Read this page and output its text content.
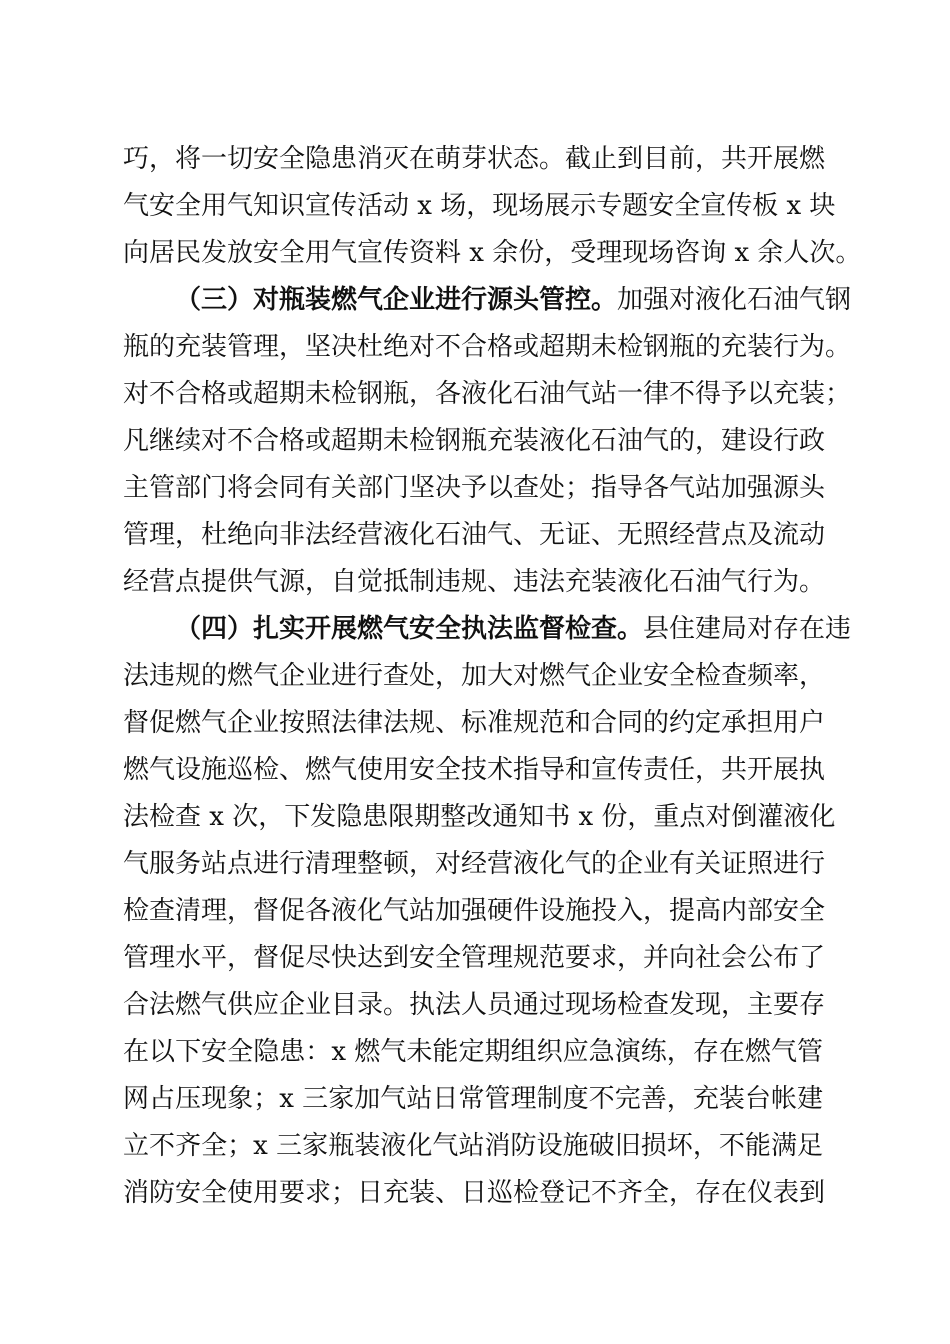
巧，将一切安全隐患消灭在萌芽状态。截止到目前，共开展燃
气安全用气知识宣传活动 x 场，现场展示专题安全宣传板 x 块
向居民发放安全用气宣传资料 x 余份，受理现场咨询 x 余人次。
（三）对瓶装燃气企业进行源头管控。加强对液化石油气钢
瓶的充装管理，坚决杜绝对不合格或超期未检钢瓶的充装行为。
对不合格或超期未检钢瓶，各液化石油气站一律不得予以充装；
凡继续对不合格或超期未检钢瓶充装液化石油气的，建设行政
主管部门将会同有关部门坚决予以查处；指导各气站加强源头
管理，杜绝向非法经营液化石油气、无证、无照经营点及流动
经营点提供气源，自觉抵制违规、违法充装液化石油气行为。
（四）扎实开展燃气安全执法监督检查。县住建局对存在违
法违规的燃气企业进行查处，加大对燃气企业安全检查频率，
督促燃气企业按照法律法规、标准规范和合同的约定承担用户
燃气设施巡检、燃气使用安全技术指导和宣传责任，共开展执
法检查 x 次，下发隐患限期整改通知书 x 份，重点对倒灌液化
气服务站点进行清理整顿，对经营液化气的企业有关证照进行
检查清理，督促各液化气站加强硬件设施投入，提高内部安全
管理水平，督促尽快达到安全管理规范要求，并向社会公布了
合法燃气供应企业目录。执法人员通过现场检查发现，主要存
在以下安全隐患：x 燃气未能定期组织应急演练，存在燃气管
网占压现象；x 三家加气站日常管理制度不完善，充装台帐建
立不齐全；x 三家瓶装液化气站消防设施破旧损坏，不能满足
消防安全使用要求；日充装、日巡检登记不齐全，存在仪表到
